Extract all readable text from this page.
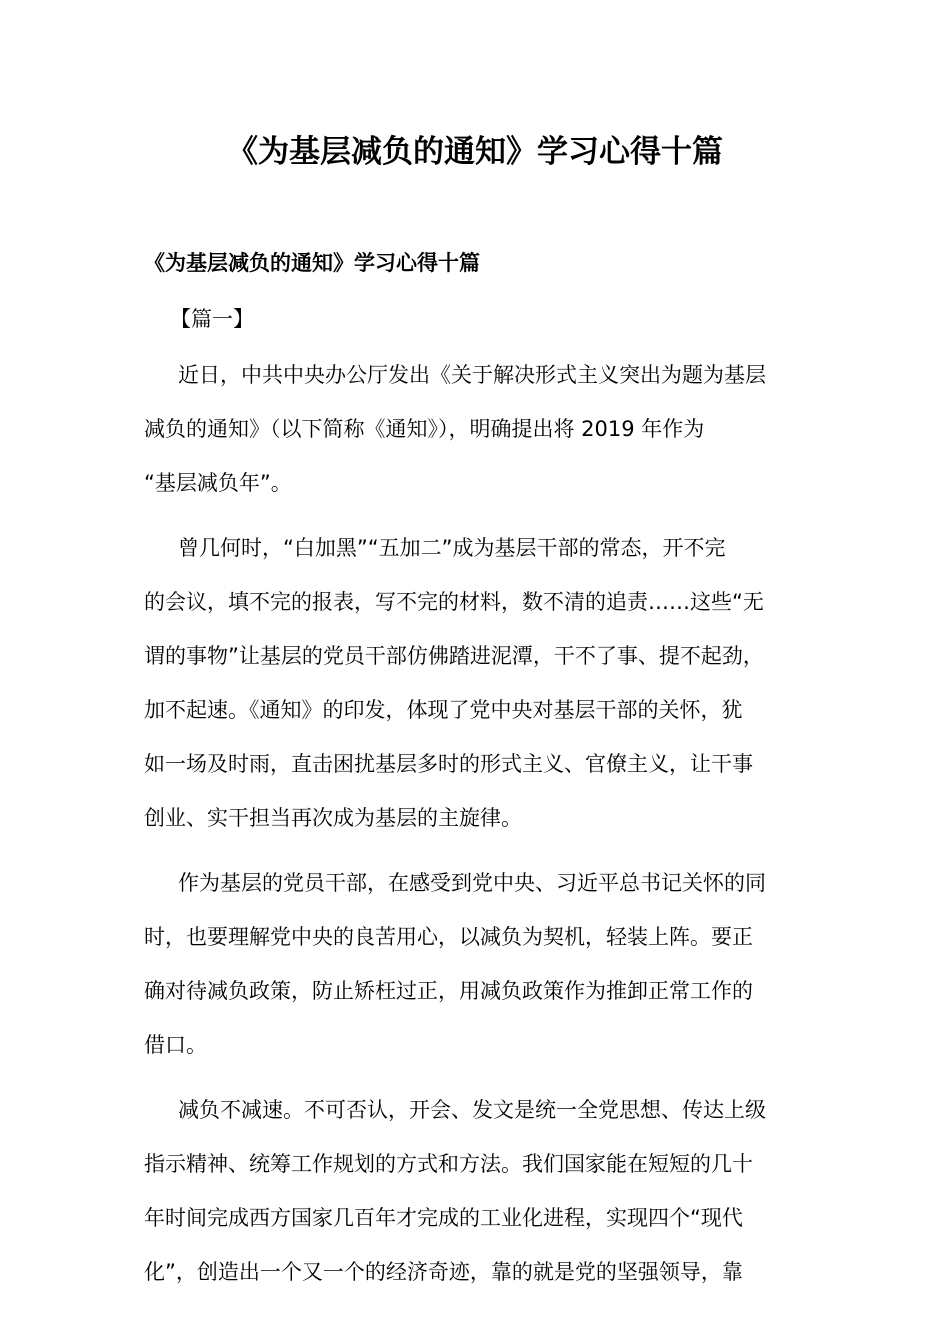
《为基层减负的通知》学习心得十篇

《为基层减负的通知》学习心得十篇

【篇一】

近日，中共中央办公厅发出《关于解决形式主义突出为题为基层
减负的通知》（以下简称《通知》），明确提出将 2019 年作为
“基层减负年”。

曾几何时，“白加黑”“五加二”成为基层干部的常态，开不完
的会议，填不完的报表，写不完的材料，数不清的追责……这些“无
谓的事物”让基层的党员干部仿佛踏进泥潭，干不了事、提不起劲，
加不起速。《通知》的印发，体现了党中央对基层干部的关怀，犹
如一场及时雨，直击困扰基层多时的形式主义、官僚主义，让干事
创业、实干担当再次成为基层的主旋律。

作为基层的党员干部，在感受到党中央、习近平总书记关怀的同
时，也要理解党中央的良苦用心，以减负为契机，轻装上阵。要正
确对待减负政策，防止矫枉过正，用减负政策作为推卸正常工作的
借口。

减负不减速。不可否认，开会、发文是统一全党思想、传达上级
指示精神、统筹工作规划的方式和方法。我们国家能在短短的几十
年时间完成西方国家几百年才完成的工业化进程，实现四个“现代
化”，创造出一个又一个的经济奇迹，靠的就是党的坚强领导，靠
